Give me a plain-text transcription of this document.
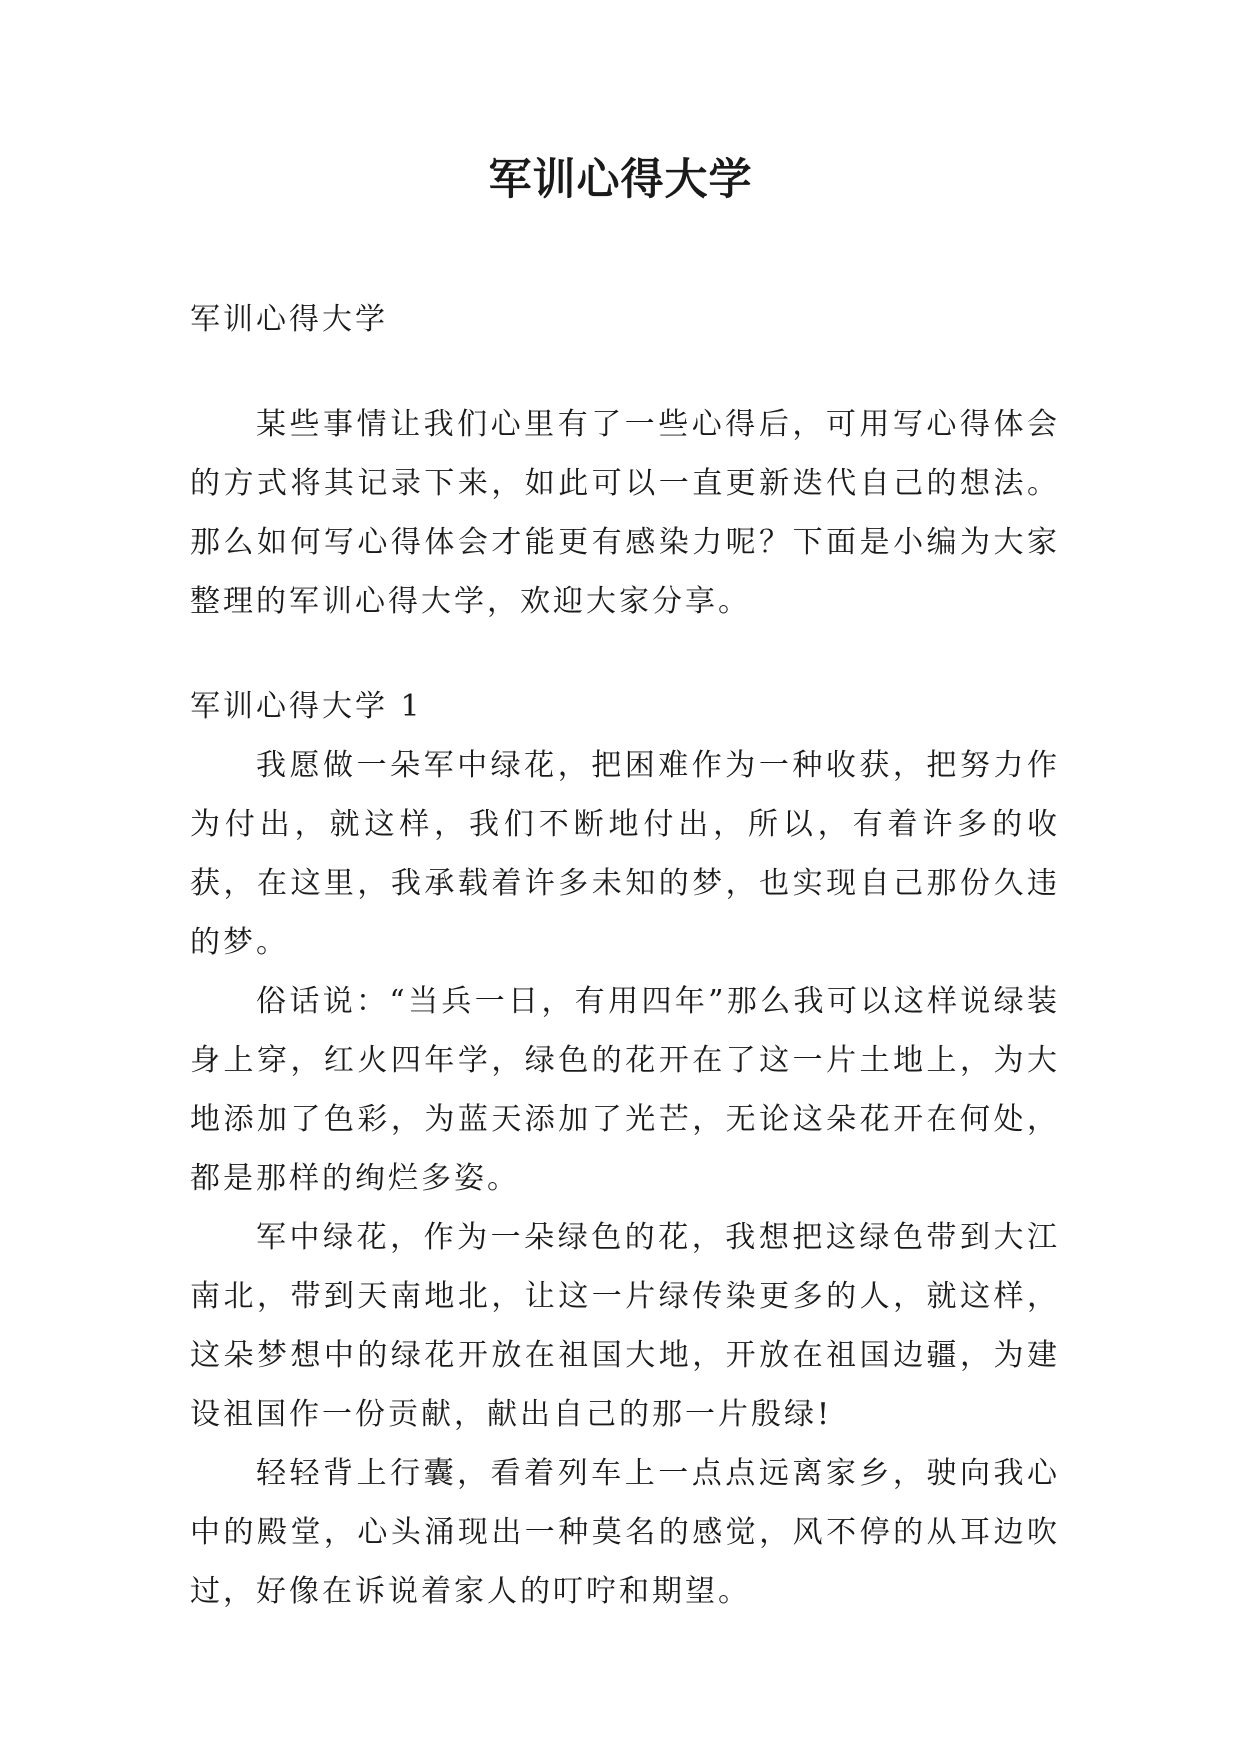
军训心得大学

军训心得大学

某些事情让我们心里有了一些心得后，可用写心得体会的方式将其记录下来，如此可以一直更新迭代自己的想法。那么如何写心得体会才能更有感染力呢？下面是小编为大家整理的军训心得大学，欢迎大家分享。

军训心得大学 1

我愿做一朵军中绿花，把困难作为一种收获，把努力作为付出，就这样，我们不断地付出，所以，有着许多的收获，在这里，我承载着许多未知的梦，也实现自己那份久违的梦。

俗话说：“当兵一日，有用四年”那么我可以这样说绿装身上穿，红火四年学，绿色的花开在了这一片土地上，为大地添加了色彩，为蓝天添加了光芒，无论这朵花开在何处，都是那样的绚烂多姿。

军中绿花，作为一朵绿色的花，我想把这绿色带到大江南北，带到天南地北，让这一片绿传染更多的人，就这样，这朵梦想中的绿花开放在祖国大地，开放在祖国边疆，为建设祖国作一份贡献，献出自己的那一片殷绿!

轻轻背上行囊，看着列车上一点点远离家乡，驶向我心中的殿堂，心头涌现出一种莫名的感觉，风不停的从耳边吹过，好像在诉说着家人的叮咛和期望。
